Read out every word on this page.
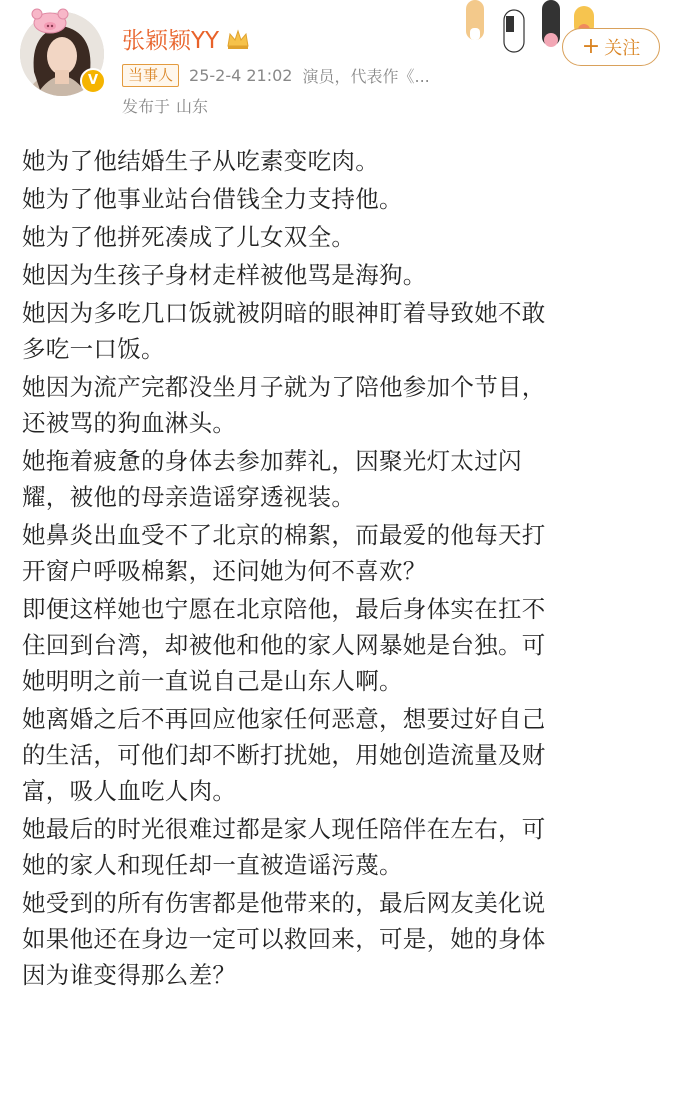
V
张颖颖YY
当事人	25-2-4 21:02 演员，代表作《...
发布于 山东
+ 关注
她为了他结婚生子从吃素变吃肉。
她为了他事业站台借钱全力支持他。
她为了他拼死凑成了儿女双全。
她因为生孩子身材走样被他骂是海狗。
她因为多吃几口饭就被阴暗的眼神盯着导致她不敢
多吃一口饭。
她因为流产完都没坐月子就为了陪他参加个节目，
还被骂的狗血淋头。
她拖着疲惫的身体去参加葬礼，因聚光灯太过闪
耀，被他的母亲造谣穿透视装。
她鼻炎出血受不了北京的棉絮，而最爱的他每天打
开窗户呼吸棉絮，还问她为何不喜欢？
即便这样她也宁愿在北京陪他，最后身体实在扛不
住回到台湾，却被他和他的家人网暴她是台独。可
她明明之前一直说自己是山东人啊。
她离婚之后不再回应他家任何恶意，想要过好自己
的生活，可他们却不断打扰她，用她创造流量及财
富，吸人血吃人肉。
她最后的时光很难过都是家人现任陪伴在左右，可
她的家人和现任却一直被造谣污蔑。
她受到的所有伤害都是他带来的，最后网友美化说
如果他还在身边一定可以救回来，可是，她的身体
因为谁变得那么差？
